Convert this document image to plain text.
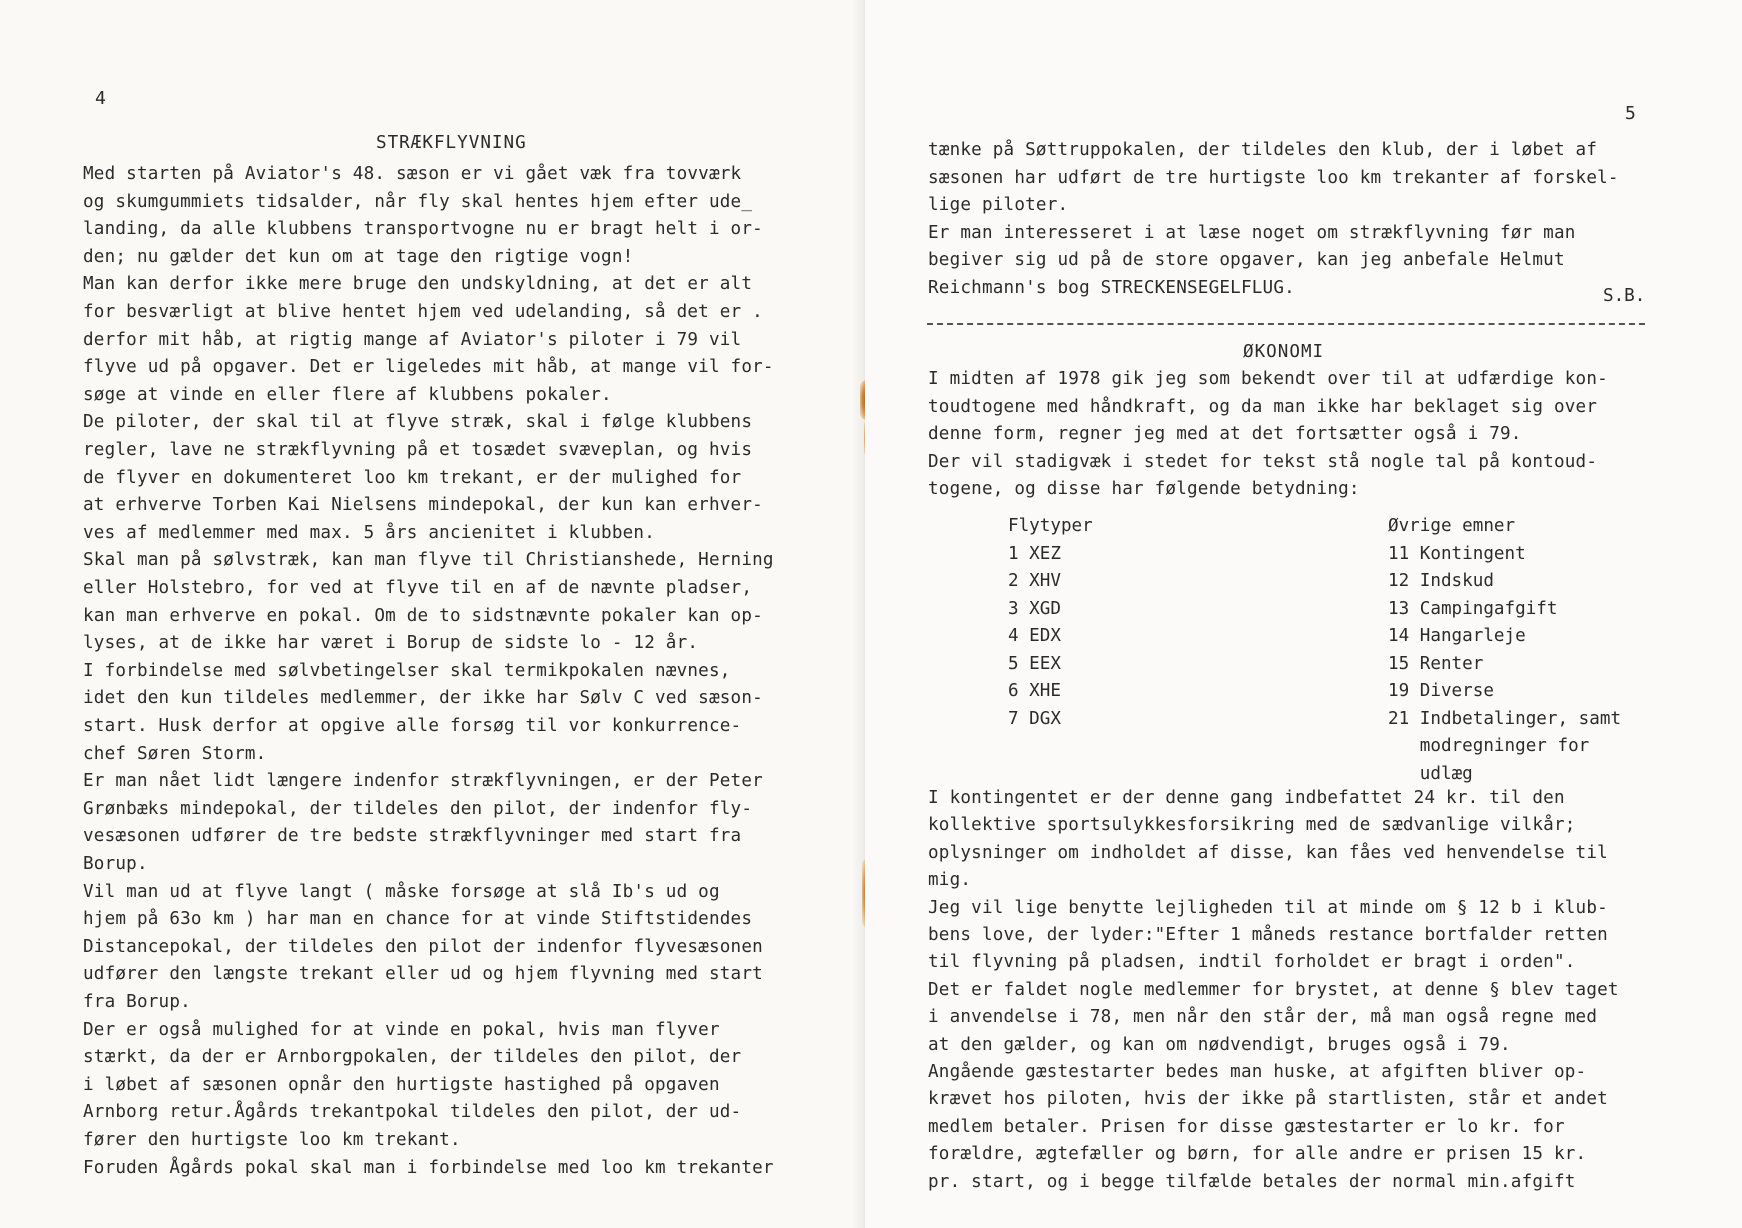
4
STRÆKFLYVNING
Med starten på Aviator's 48. sæson er vi gået væk fra tovværk
og skumgummiets tidsalder, når fly skal hentes hjem efter ude_
landing, da alle klubbens transportvogne nu er bragt helt i or-
den; nu gælder det kun om at tage den rigtige vogn!
Man kan derfor ikke mere bruge den undskyldning, at det er alt
for besværligt at blive hentet hjem ved udelanding, så det er .
derfor mit håb, at rigtig mange af Aviator's piloter i 79 vil
flyve ud på opgaver. Det er ligeledes mit håb, at mange vil for-
søge at vinde en eller flere af klubbens pokaler.
De piloter, der skal til at flyve stræk, skal i følge klubbens
regler, lave ne strækflyvning på et tosædet svæveplan, og hvis
de flyver en dokumenteret loo km trekant, er der mulighed for
at erhverve Torben Kai Nielsens mindepokal, der kun kan erhver-
ves af medlemmer med max. 5 års ancienitet i klubben.
Skal man på sølvstræk, kan man flyve til Christianshede, Herning
eller Holstebro, for ved at flyve til en af de nævnte pladser,
kan man erhverve en pokal. Om de to sidstnævnte pokaler kan op-
lyses, at de ikke har været i Borup de sidste lo - 12 år.
I forbindelse med sølvbetingelser skal termikpokalen nævnes,
idet den kun tildeles medlemmer, der ikke har Sølv C ved sæson-
start. Husk derfor at opgive alle forsøg til vor konkurrence-
chef Søren Storm.
Er man nået lidt længere indenfor strækflyvningen, er der Peter
Grønbæks mindepokal, der tildeles den pilot, der indenfor fly-
vesæsonen udfører de tre bedste strækflyvninger med start fra
Borup.
Vil man ud at flyve langt ( måske forsøge at slå Ib's ud og
hjem på 63o km ) har man en chance for at vinde Stiftstidendes
Distancepokal, der tildeles den pilot der indenfor flyvesæsonen
udfører den længste trekant eller ud og hjem flyvning med start
fra Borup.
Der er også mulighed for at vinde en pokal, hvis man flyver
stærkt, da der er Arnborgpokalen, der tildeles den pilot, der
i løbet af sæsonen opnår den hurtigste hastighed på opgaven
Arnborg retur.Ågårds trekantpokal tildeles den pilot, der ud-
fører den hurtigste loo km trekant.
Foruden Ågårds pokal skal man i forbindelse med loo km trekanter
5
tænke på Søttruppokalen, der tildeles den klub, der i løbet af
sæsonen har udført de tre hurtigste loo km trekanter af forskel-
lige piloter.
Er man interesseret i at læse noget om strækflyvning før man
begiver sig ud på de store opgaver, kan jeg anbefale Helmut
Reichmann's bog STRECKENSEGELFLUG.	S.B.
ØKONOMI
I midten af 1978 gik jeg som bekendt over til at udfærdige kon-
toudtogene med håndkraft, og da man ikke har beklaget sig over
denne form, regner jeg med at det fortsætter også i 79.
Der vil stadigvæk i stedet for tekst stå nogle tal på kontoud-
togene, og disse har følgende betydning:
Flytyper
1 XEZ
2 XHV
3 XGD
4 EDX
5 EEX
6 XHE
7 DGX
Øvrige emner
11 Kontingent
12 Indskud
13 Campingafgift
14 Hangarleje
15 Renter
19 Diverse
21 Indbetalinger, samt
modregninger for
udlæg
I kontingentet er der denne gang indbefattet 24 kr. til den
kollektive sportsulykkesforsikring med de sædvanlige vilkår;
oplysninger om indholdet af disse, kan fåes ved henvendelse til
mig.
Jeg vil lige benytte lejligheden til at minde om § 12 b i klub-
bens love, der lyder:"Efter 1 måneds restance bortfalder retten
til flyvning på pladsen, indtil forholdet er bragt i orden".
Det er faldet nogle medlemmer for brystet, at denne § blev taget
i anvendelse i 78, men når den står der, må man også regne med
at den gælder, og kan om nødvendigt, bruges også i 79.
Angående gæstestarter bedes man huske, at afgiften bliver op-
krævet hos piloten, hvis der ikke på startlisten, står et andet
medlem betaler. Prisen for disse gæstestarter er lo kr. for
forældre, ægtefæller og børn, for alle andre er prisen 15 kr.
pr. start, og i begge tilfælde betales der normal min.afgift
